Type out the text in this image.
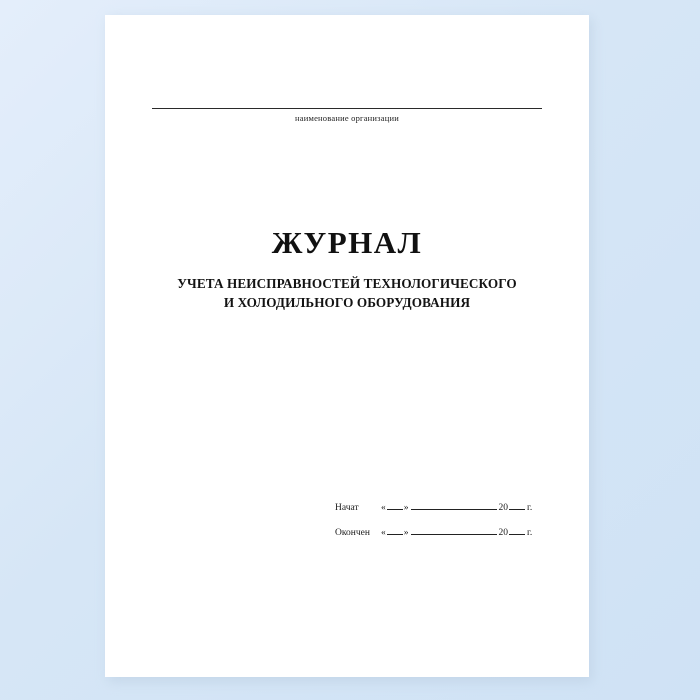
наименование организации
ЖУРНАЛ
УЧЕТА НЕИСПРАВНОСТЕЙ ТЕХНОЛОГИЧЕСКОГО
И ХОЛОДИЛЬНОГО ОБОРУДОВАНИЯ
Начат	« »	20 г.
Окончен	« »	20 г.
